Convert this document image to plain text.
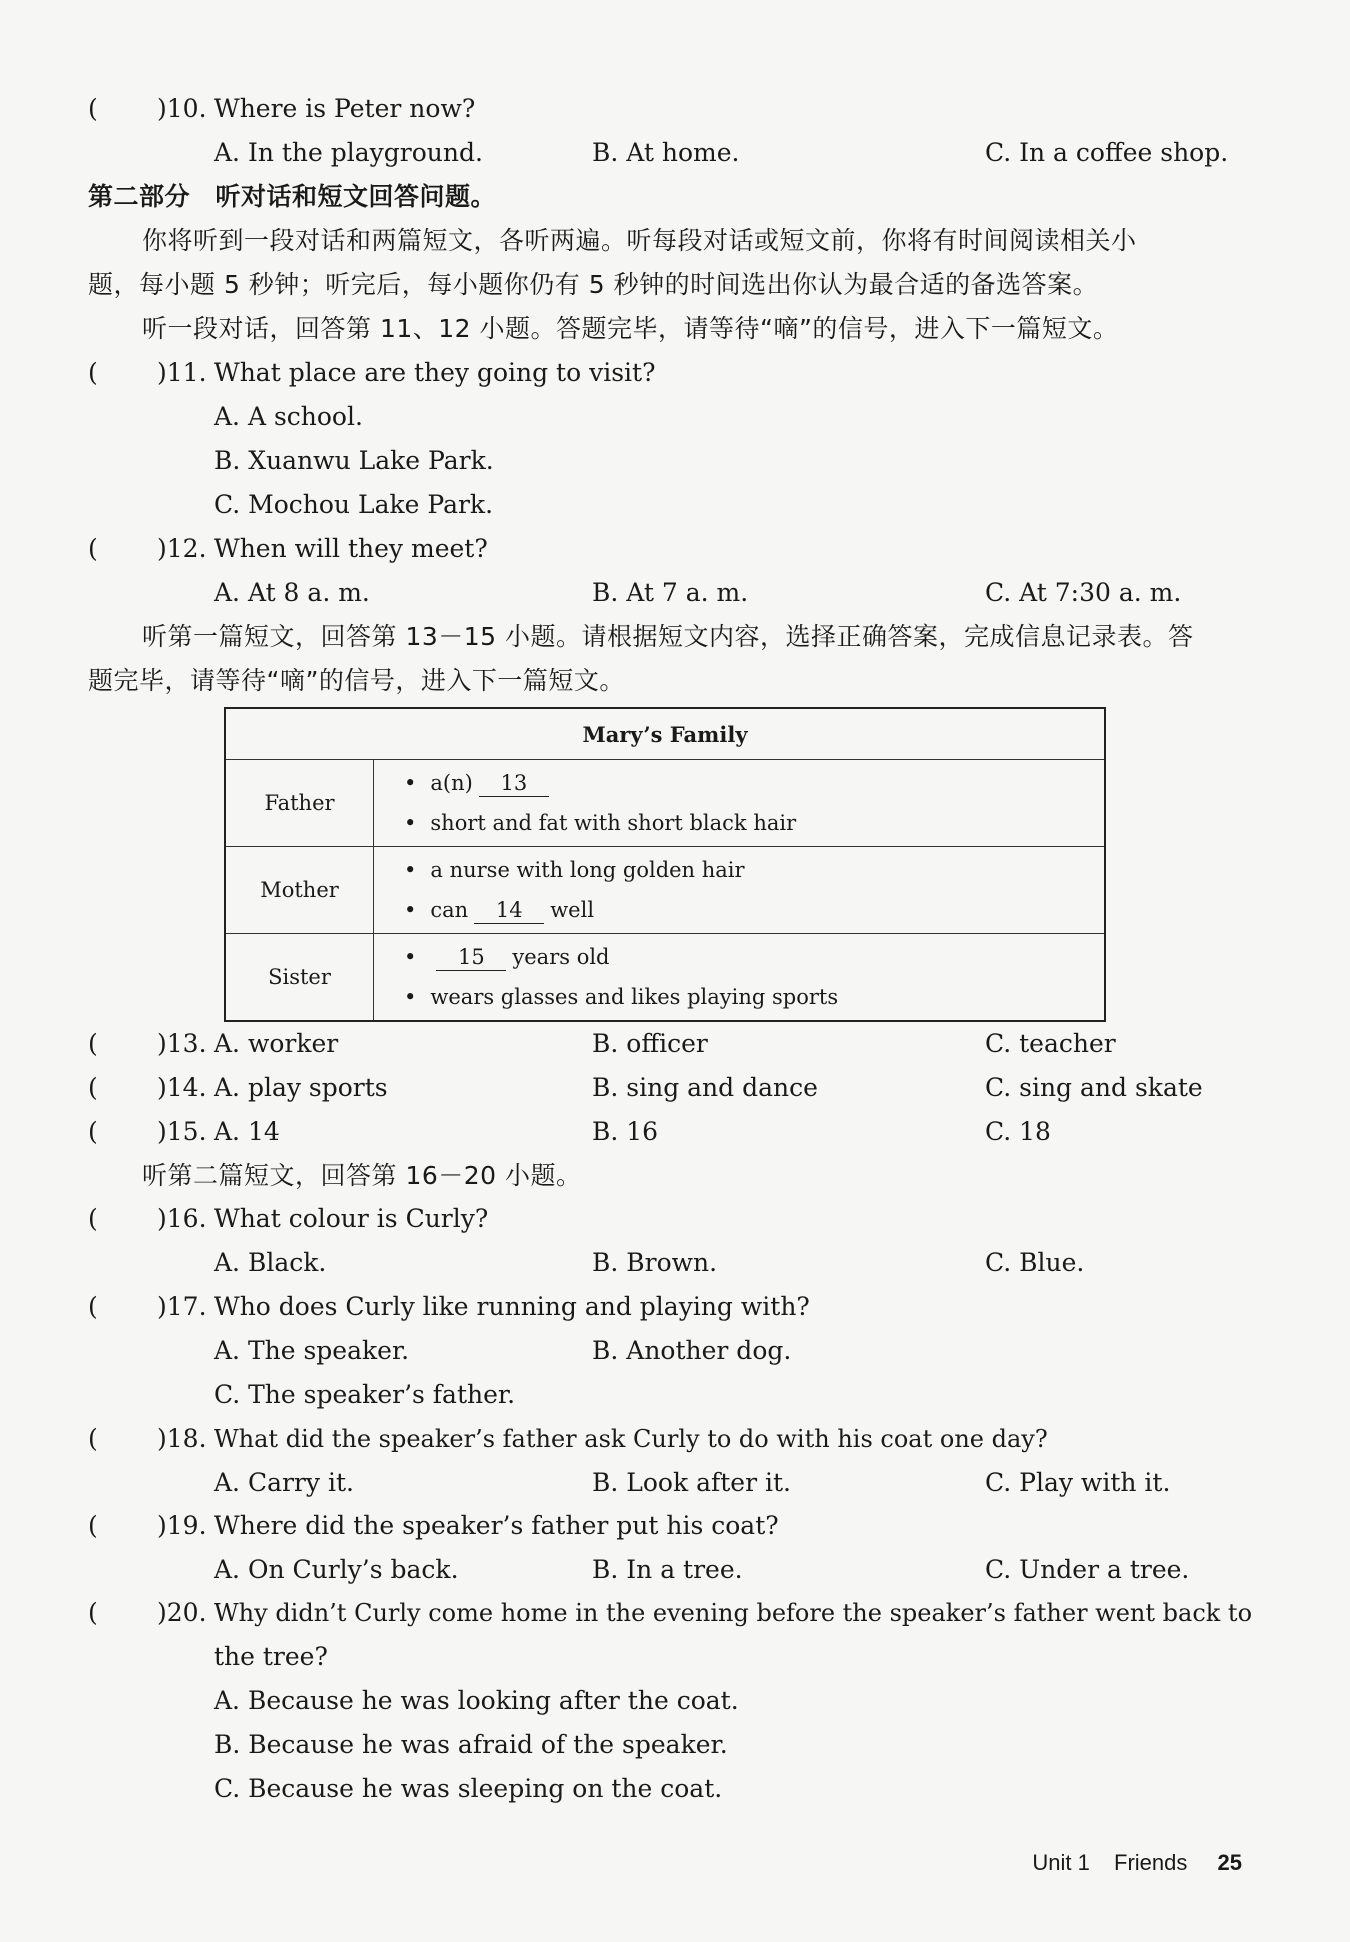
( )10. Where is Peter now?
A. In the playground.	B. At home.	C. In a coffee shop.
第二部分　听对话和短文回答问题。
你将听到一段对话和两篇短文，各听两遍。听每段对话或短文前，你将有时间阅读相关小
题，每小题 5 秒钟；听完后，每小题你仍有 5 秒钟的时间选出你认为最合适的备选答案。
听一段对话，回答第 11、12 小题。答题完毕，请等待“嘀”的信号，进入下一篇短文。
( )11. What place are they going to visit?
A. A school.
B. Xuanwu Lake Park.
C. Mochou Lake Park.
( )12. When will they meet?
A. At 8 a. m.	B. At 7 a. m.	C. At 7:30 a. m.
听第一篇短文，回答第 13－15 小题。请根据短文内容，选择正确答案，完成信息记录表。答
题完毕，请等待“嘀”的信号，进入下一篇短文。
Mary’s Family	
Father	• a(n) 13
• short and fat with short black hair

Mother	• a nurse with long golden hair
• can 14 well

Sister	• 15 years old
• wears glasses and likes playing sports
( )13. A. worker	B. officer	C. teacher
( )14. A. play sports	B. sing and dance	C. sing and skate
( )15. A. 14	B. 16	C. 18
听第二篇短文，回答第 16－20 小题。
( )16. What colour is Curly?
A. Black.	B. Brown.	C. Blue.
( )17. Who does Curly like running and playing with?
A. The speaker.	B. Another dog.
C. The speaker’s father.
( )18. What did the speaker’s father ask Curly to do with his coat one day?
A. Carry it.	B. Look after it.	C. Play with it.
( )19. Where did the speaker’s father put his coat?
A. On Curly’s back.	B. In a tree.	C. Under a tree.
( )20. Why didn’t Curly come home in the evening before the speaker’s father went back to
the tree?
A. Because he was looking after the coat.
B. Because he was afraid of the speaker.
C. Because he was sleeping on the coat.
Unit 1 Friends 25
